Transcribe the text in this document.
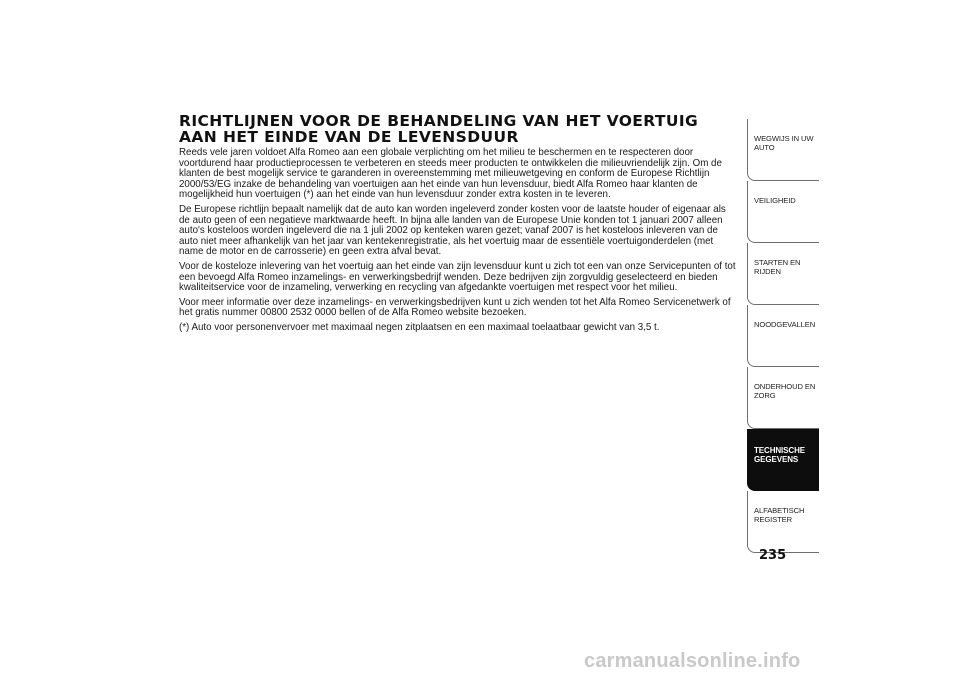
RICHTLIJNEN VOOR DE BEHANDELING VAN HET VOERTUIG AAN HET EINDE VAN DE LEVENSDUUR

Reeds vele jaren voldoet Alfa Romeo aan een globale verplichting om het milieu te beschermen en te respecteren door voortdurend haar productieprocessen te verbeteren en steeds meer producten te ontwikkelen die milieuvriendelijk zijn. Om de klanten de best mogelijk service te garanderen in overeenstemming met milieuwetgeving en conform de Europese Richtlijn 2000/53/EG inzake de behandeling van voertuigen aan het einde van hun levensduur, biedt Alfa Romeo haar klanten de mogelijkheid hun voertuigen (*) aan het einde van hun levensduur zonder extra kosten in te leveren.

De Europese richtlijn bepaalt namelijk dat de auto kan worden ingeleverd zonder kosten voor de laatste houder of eigenaar als de auto geen of een negatieve marktwaarde heeft. In bijna alle landen van de Europese Unie konden tot 1 januari 2007 alleen auto's kosteloos worden ingeleverd die na 1 juli 2002 op kenteken waren gezet; vanaf 2007 is het kosteloos inleveren van de auto niet meer afhankelijk van het jaar van kentekenregistratie, als het voertuig maar de essentiële voertuigonderdelen (met name de motor en de carrosserie) en geen extra afval bevat.

Voor de kosteloze inlevering van het voertuig aan het einde van zijn levensduur kunt u zich tot een van onze Servicepunten of tot een bevoegd Alfa Romeo inzamelings- en verwerkingsbedrijf wenden. Deze bedrijven zijn zorgvuldig geselecteerd en bieden kwaliteitservice voor de inzameling, verwerking en recycling van afgedankte voertuigen met respect voor het milieu.

Voor meer informatie over deze inzamelings- en verwerkingsbedrijven kunt u zich wenden tot het Alfa Romeo Servicenetwerk of het gratis nummer 00800 2532 0000 bellen of de Alfa Romeo website bezoeken.

(*) Auto voor personenvervoer met maximaal negen zitplaatsen en een maximaal toelaatbaar gewicht van 3,5 t.

WEGWIJS IN UW AUTO
VEILIGHEID
STARTEN EN RIJDEN
NOODGEVALLEN
ONDERHOUD EN ZORG
TECHNISCHE GEGEVENS
ALFABETISCH REGISTER
235
carmanualsonline.info
